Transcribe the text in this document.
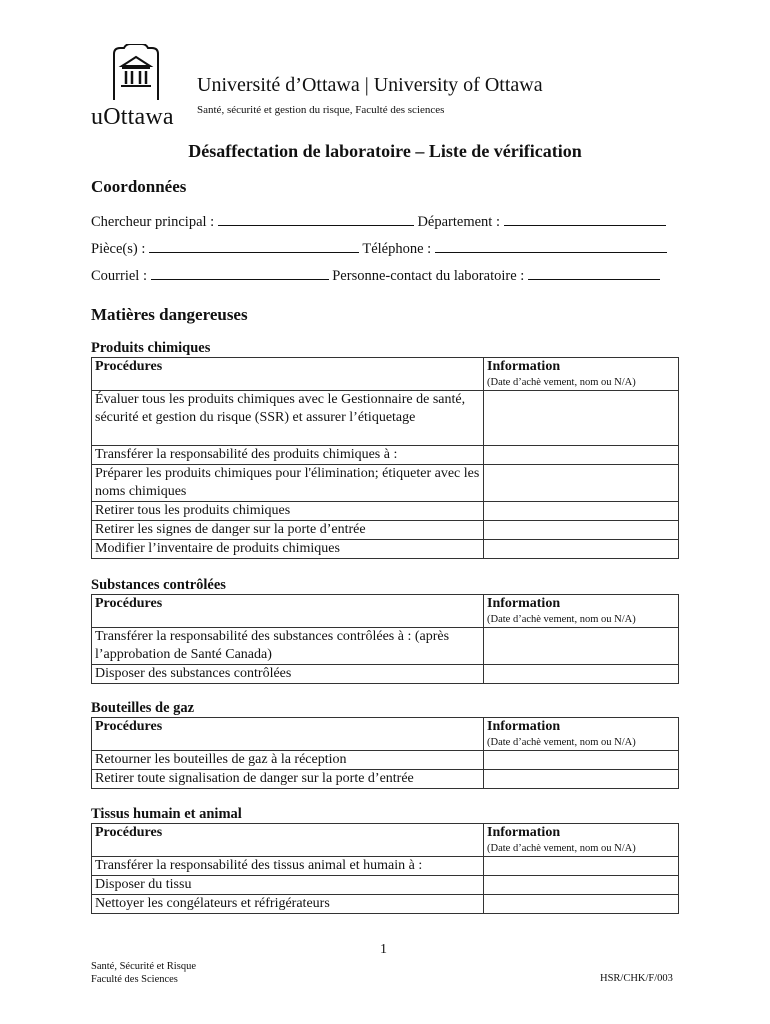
uOttawa
Université d’Ottawa | University of Ottawa
Santé, sécurité et gestion du risque, Faculté des sciences
Désaffectation de laboratoire – Liste de vérification
Coordonnées
Chercheur principal :	Département :
Pièce(s) :	Téléphone :
Courriel :	Personne-contact du laboratoire :
Matières dangereuses
Produits chimiques
Procédures	Information
(Date d’achè vement, nom ou N/A)

Évaluer tous les produits chimiques avec le Gestionnaire de santé, sécurité et gestion du risque (SSR) et assurer l’étiquetage	
Transférer la responsabilité des produits chimiques à :	
Préparer les produits chimiques pour l'élimination; étiqueter avec les noms chimiques	
Retirer tous les produits chimiques	
Retirer les signes de danger sur la porte d’entrée	
Modifier l’inventaire de produits chimiques	
Substances contrôlées
Procédures	Information
(Date d’achè vement, nom ou N/A)

Transférer la responsabilité des substances contrôlées à : (après l’approbation de Santé Canada)	
Disposer des substances contrôlées	
Bouteilles de gaz
Procédures	Information
(Date d’achè vement, nom ou N/A)

Retourner les bouteilles de gaz à la réception	
Retirer toute signalisation de danger sur la porte d’entrée	
Tissus humain et animal
Procédures	Information
(Date d’achè vement, nom ou N/A)

Transférer la responsabilité des tissus animal et humain à :	
Disposer du tissu	
Nettoyer les congélateurs et réfrigérateurs	
1
Santé, Sécurité et Risque
Faculté des Sciences	HSR/CHK/F/003
